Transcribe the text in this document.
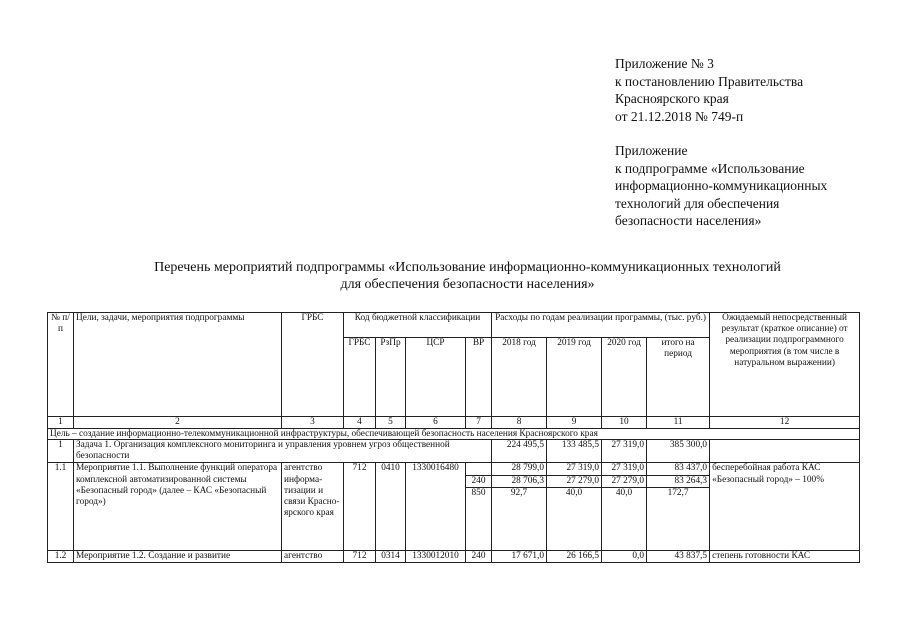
Приложение № 3
к постановлению Правительства
Красноярского края
от 21.12.2018 № 749-п
Приложение
к подпрограмме «Использование
информационно-коммуникационных
технологий для обеспечения
безопасности населения»
Перечень мероприятий подпрограммы «Использование информационно-коммуникационных технологий
для обеспечения безопасности населения»
№ п/п	Цели, задачи, мероприятия подпрограммы	ГРБС	Код бюджетной классификации				Расходы по годам реализации программы, (тыс. руб.)				Ожидаемый непосредственный результат (краткое описание) от реализации подпрограммного мероприятия (в том числе в натуральном выражении)
			ГРБС	РзПр	ЦСР	ВР	2018 год	2019 год	2020 год	итого на период	
1	2	3	4	5	6	7	8	9	10	11	12
Цель – создание информационно-телекоммуникационной инфраструктуры, обеспечивающей безопасность населения Красноярского края											
1	Задача 1. Организация комплексного мониторинга и управления уровнем угроз общественной безопасности						224 495,5	133 485,5	27 319,0	385 300,0	
1.1	Мероприятие 1.1. Выполнение функций оператора комплексной автоматизированной системы «Безопасный город» (далее – КАС «Безопасный город»)	агентство информа-тизации и связи Красно-ярского края	712	0410	1330016480		28 799,0	27 319,0	27 319,0	83 437,0	бесперебойная работа КАС «Безопасный город» – 100%
						240	28 706,3	27 279,0	27 279,0	83 264,3	
						850	92,7	40,0	40,0	172,7	
1.2	Мероприятие 1.2. Создание и развитие	агентство	712	0314	1330012010	240	17 671,0	26 166,5	0,0	43 837,5	степень готовности КАС
